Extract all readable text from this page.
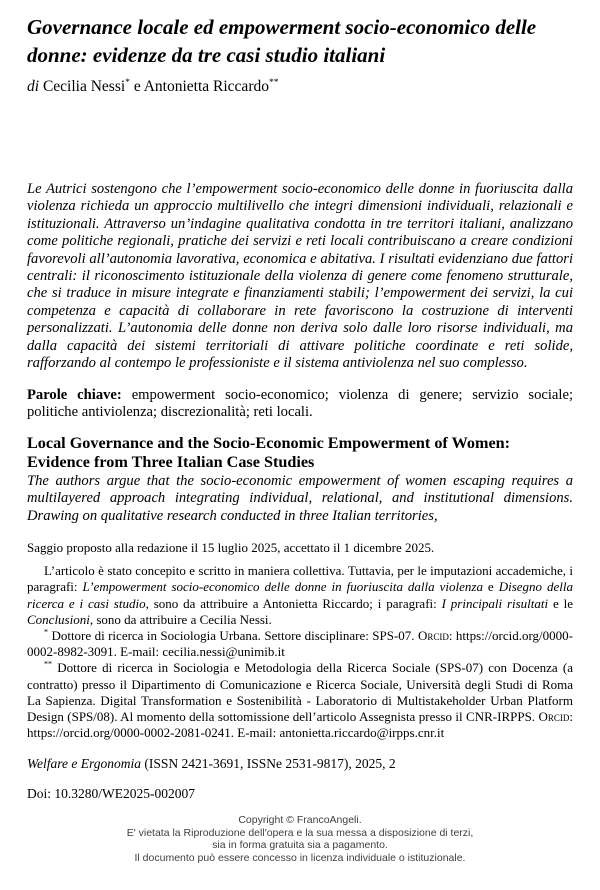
Governance locale ed empowerment socio-economico delle donne: evidenze da tre casi studio italiani
di Cecilia Nessi* e Antonietta Riccardo**

Le Autrici sostengono che l’empowerment socio-economico delle donne in fuoriuscita dalla violenza richieda un approccio multilivello che integri dimensioni individuali, relazionali e istituzionali. Attraverso un’indagine qualitativa condotta in tre territori italiani, analizzano come politiche regionali, pratiche dei servizi e reti locali contribuiscano a creare condizioni favorevoli all’autonomia lavorativa, economica e abitativa. I risultati evidenziano due fattori centrali: il riconoscimento istituzionale della violenza di genere come fenomeno strutturale, che si traduce in misure integrate e finanziamenti stabili; l’empowerment dei servizi, la cui competenza e capacità di collaborare in rete favoriscono la costruzione di interventi personalizzati. L’autonomia delle donne non deriva solo dalle loro risorse individuali, ma dalla capacità dei sistemi territoriali di attivare politiche coordinate e reti solide, rafforzando al contempo le professioniste e il sistema antiviolenza nel suo complesso.

Parole chiave: empowerment socio-economico; violenza di genere; servizio sociale; politiche antiviolenza; discrezionalità; reti locali.

Local Governance and the Socio-Economic Empowerment of Women: Evidence from Three Italian Case Studies

The authors argue that the socio-economic empowerment of women escaping requires a multilayered approach integrating individual, relational, and institutional dimensions. Drawing on qualitative research conducted in three Italian territories,

Saggio proposto alla redazione il 15 luglio 2025, accettato il 1 dicembre 2025.

L’articolo è stato concepito e scritto in maniera collettiva. Tuttavia, per le imputazioni accademiche, i paragrafi: L’empowerment socio-economico delle donne in fuoriuscita dalla violenza e Disegno della ricerca e i casi studio, sono da attribuire a Antonietta Riccardo; i paragrafi: I principali risultati e le Conclusioni, sono da attribuire a Cecilia Nessi.

* Dottore di ricerca in Sociologia Urbana. Settore disciplinare: SPS-07. Orcid: https://orcid.org/0000-0002-8982-3091. E-mail: cecilia.nessi@unimib.it

** Dottore di ricerca in Sociologia e Metodologia della Ricerca Sociale (SPS-07) con Docenza (a contratto) presso il Dipartimento di Comunicazione e Ricerca Sociale, Università degli Studi di Roma La Sapienza. Digital Transformation e Sostenibilità - Laboratorio di Multistakeholder Urban Platform Design (SPS/08). Al momento della sottomissione dell’articolo Assegnista presso il CNR-IRPPS. Orcid: https://orcid.org/0000-0002-2081-0241. E-mail: antonietta.riccardo@irpps.cnr.it

Welfare e Ergonomia (ISSN 2421-3691, ISSNe 2531-9817), 2025, 2
Doi: 10.3280/WE2025-002007
Copyright © FrancoAngeli.
E' vietata la Riproduzione dell'opera e la sua messa a disposizione di terzi,
sia in forma gratuita sia a pagamento.
Il documento può essere concesso in licenza individuale o istituzionale.
